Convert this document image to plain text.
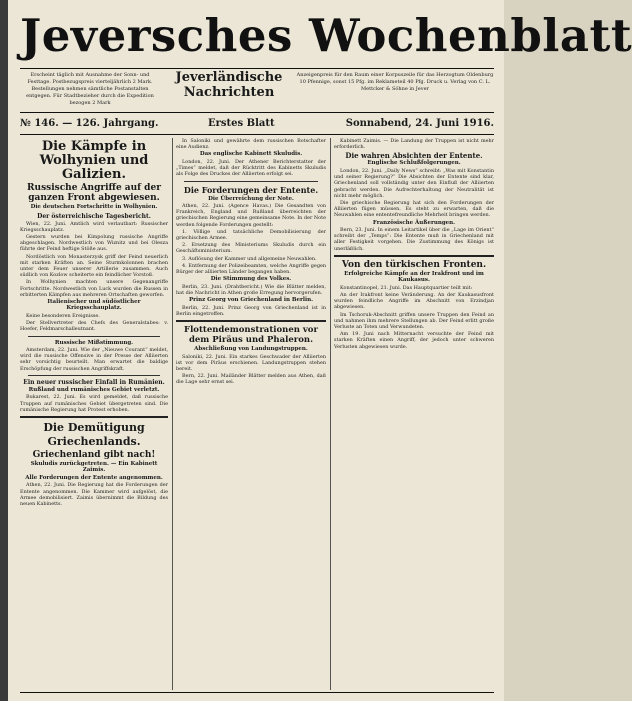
Jeversches Wochenblatt
Erscheint täglich mit Ausnahme der Sonn- und Festtage. Postbezugspreis vierteljährlich 2 Mark. Bestellungen nehmen sämtliche Postanstalten entgegen. Für Stadtbezieher durch die Expedition bezogen 2 Mark
Jeverländische
Nachrichten
Anzeigenpreis für den Raum einer Korpuszeile für das Herzogtum Oldenburg 10 Pfennige, sonst 15 Pfg. im Reklameteil 40 Pfg. Druck u. Verlag von C. L. Mettcker & Söhne in Jever
№ 146. — 126. Jahrgang.	Erstes Blatt	Sonnabend, 24. Juni 1916.
Die Kämpfe in Wolhynien und Galizien.
Russische Angriffe auf der ganzen Front abgewiesen.
Die deutschen Fortschritte in Wolhynien.
Der österreichische Tagesbericht.

Wien, 22. Juni. Amtlich wird verlautbart: Russischer Kriegsschauplatz.

Gestern wurden bei Kimpolung russische Angriffe abgeschlagen. Nordwestlich von Wiznitz und bei Olesza führte der Feind heftige Stöße aus.

Nordöstlich von Monasterzysk griff der Feind neuerlich mit starken Kräften an. Seine Sturmkolonnen brachen unter dem Feuer unserer Artillerie zusammen. Auch südlich von Kozlow scheiterte ein feindlicher Vorstoß.

In Wolhynien machten unsere Gegenangriffe Fortschritte. Nordwestlich von Luck wurden die Russen in erbitterten Kämpfen aus mehreren Ortschaften geworfen.

Italienischer und südöstlicher Kriegsschauplatz.

Keine besonderen Ereignisse.

Der Stellvertreter des Chefs des Generalstabes: v. Hoefer, Feldmarschalleutnant.

Russische Mißstimmung.

Amsterdam, 22. Juni. Wie der „Nieuwe Courant“ meldet, wird die russische Offensive in der Presse der Alliierten sehr vorsichtig beurteilt. Man erwartet die baldige Erschöpfung der russischen Angriffskraft.

Ein neuer russischer Einfall in Rumänien.
Rußland und rumänisches Gebiet verletzt.

Bukarest, 22. Juni. Es wird gemeldet, daß russische Truppen auf rumänisches Gebiet übergetreten sind. Die rumänische Regierung hat Protest erhoben.

Die Demütigung Griechenlands.
Griechenland gibt nach!
Skuludis zurückgetreten. — Ein Kabinett Zaimis.
Alle Forderungen der Entente angenommen.

Athen, 22. Juni. Die Regierung hat die Forderungen der Entente angenommen. Die Kammer wird aufgelöst, die Armee demobilisiert. Zaimis übernimmt die Bildung des neuen Kabinetts.

In Saloniki und gewährte dem russischen Botschafter eine Audienz.

Das englische Kabinett Skuludis.

London, 22. Juni. Der Athener Berichterstatter der „Times“ meldet, daß der Rücktritt des Kabinetts Skuludis als Folge des Druckes der Alliierten erfolgt sei.

Die Forderungen der Entente.
Die Überreichung der Note.

Athen, 22. Juni. (Agence Havas.) Die Gesandten von Frankreich, England und Rußland überreichten der griechischen Regierung eine gemeinsame Note. In der Note werden folgende Forderungen gestellt:

1. Völlige und tatsächliche Demobilisierung der griechischen Armee.

2. Ersetzung des Ministeriums Skuludis durch ein Geschäftsministerium.

3. Auflösung der Kammer und allgemeine Neuwahlen.

4. Entfernung der Polizeibeamten, welche Angriffe gegen Bürger der alliierten Länder begangen haben.

Die Stimmung des Volkes.

Berlin, 23. Juni. (Drahtbericht.) Wie die Blätter melden, hat die Nachricht in Athen große Erregung hervorgerufen.

Prinz Georg von Griechenland in Berlin.

Berlin, 22. Juni. Prinz Georg von Griechenland ist in Berlin eingetroffen.

Flottendemonstrationen vor dem Piräus und Phaleron.
Abschließung von Landungstruppen.

Saloniki, 22. Juni. Ein starkes Geschwader der Alliierten ist vor dem Piräus erschienen. Landungstruppen stehen bereit.

Bern, 22. Juni. Mailänder Blätter melden aus Athen, daß die Lage sehr ernst sei.

Kabinett Zaimis. — Die Landung der Truppen ist nicht mehr erforderlich.

Die wahren Absichten der Entente.
Englische Schlußfolgerungen.

London, 22. Juni. „Daily News“ schreibt: „Was mit Konstantin und seiner Regierung?“ Die Absichten der Entente sind klar, Griechenland soll vollständig unter den Einfluß der Alliierten gebracht werden. Die Aufrechterhaltung der Neutralität ist nicht mehr möglich.

Die griechische Regierung hat sich den Forderungen der Alliierten fügen müssen. Es steht zu erwarten, daß die Neuwahlen eine ententefreundliche Mehrheit bringen werden.

Französische Äußerungen.

Bern, 23. Juni. In einem Leitartikel über die „Lage im Orient“ schreibt der „Temps“: Die Entente muß in Griechenland mit aller Festigkeit vorgehen. Die Zustimmung des Königs ist unerläßlich.

Von den türkischen Fronten.
Erfolgreiche Kämpfe an der Irakfront und im Kaukasus.

Konstantinopel, 21. Juni. Das Hauptquartier teilt mit:

An der Irakfront keine Veränderung. An der Kaukasusfront wurden feindliche Angriffe im Abschnitt von Erzindjan abgewiesen.

Im Tschoruk-Abschnitt griffen unsere Truppen den Feind an und nahmen ihm mehrere Stellungen ab. Der Feind erlitt große Verluste an Toten und Verwundeten.

Am 19. Juni nach Mitternacht versuchte der Feind mit starken Kräften einen Angriff, der jedoch unter schweren Verlusten abgewiesen wurde.
